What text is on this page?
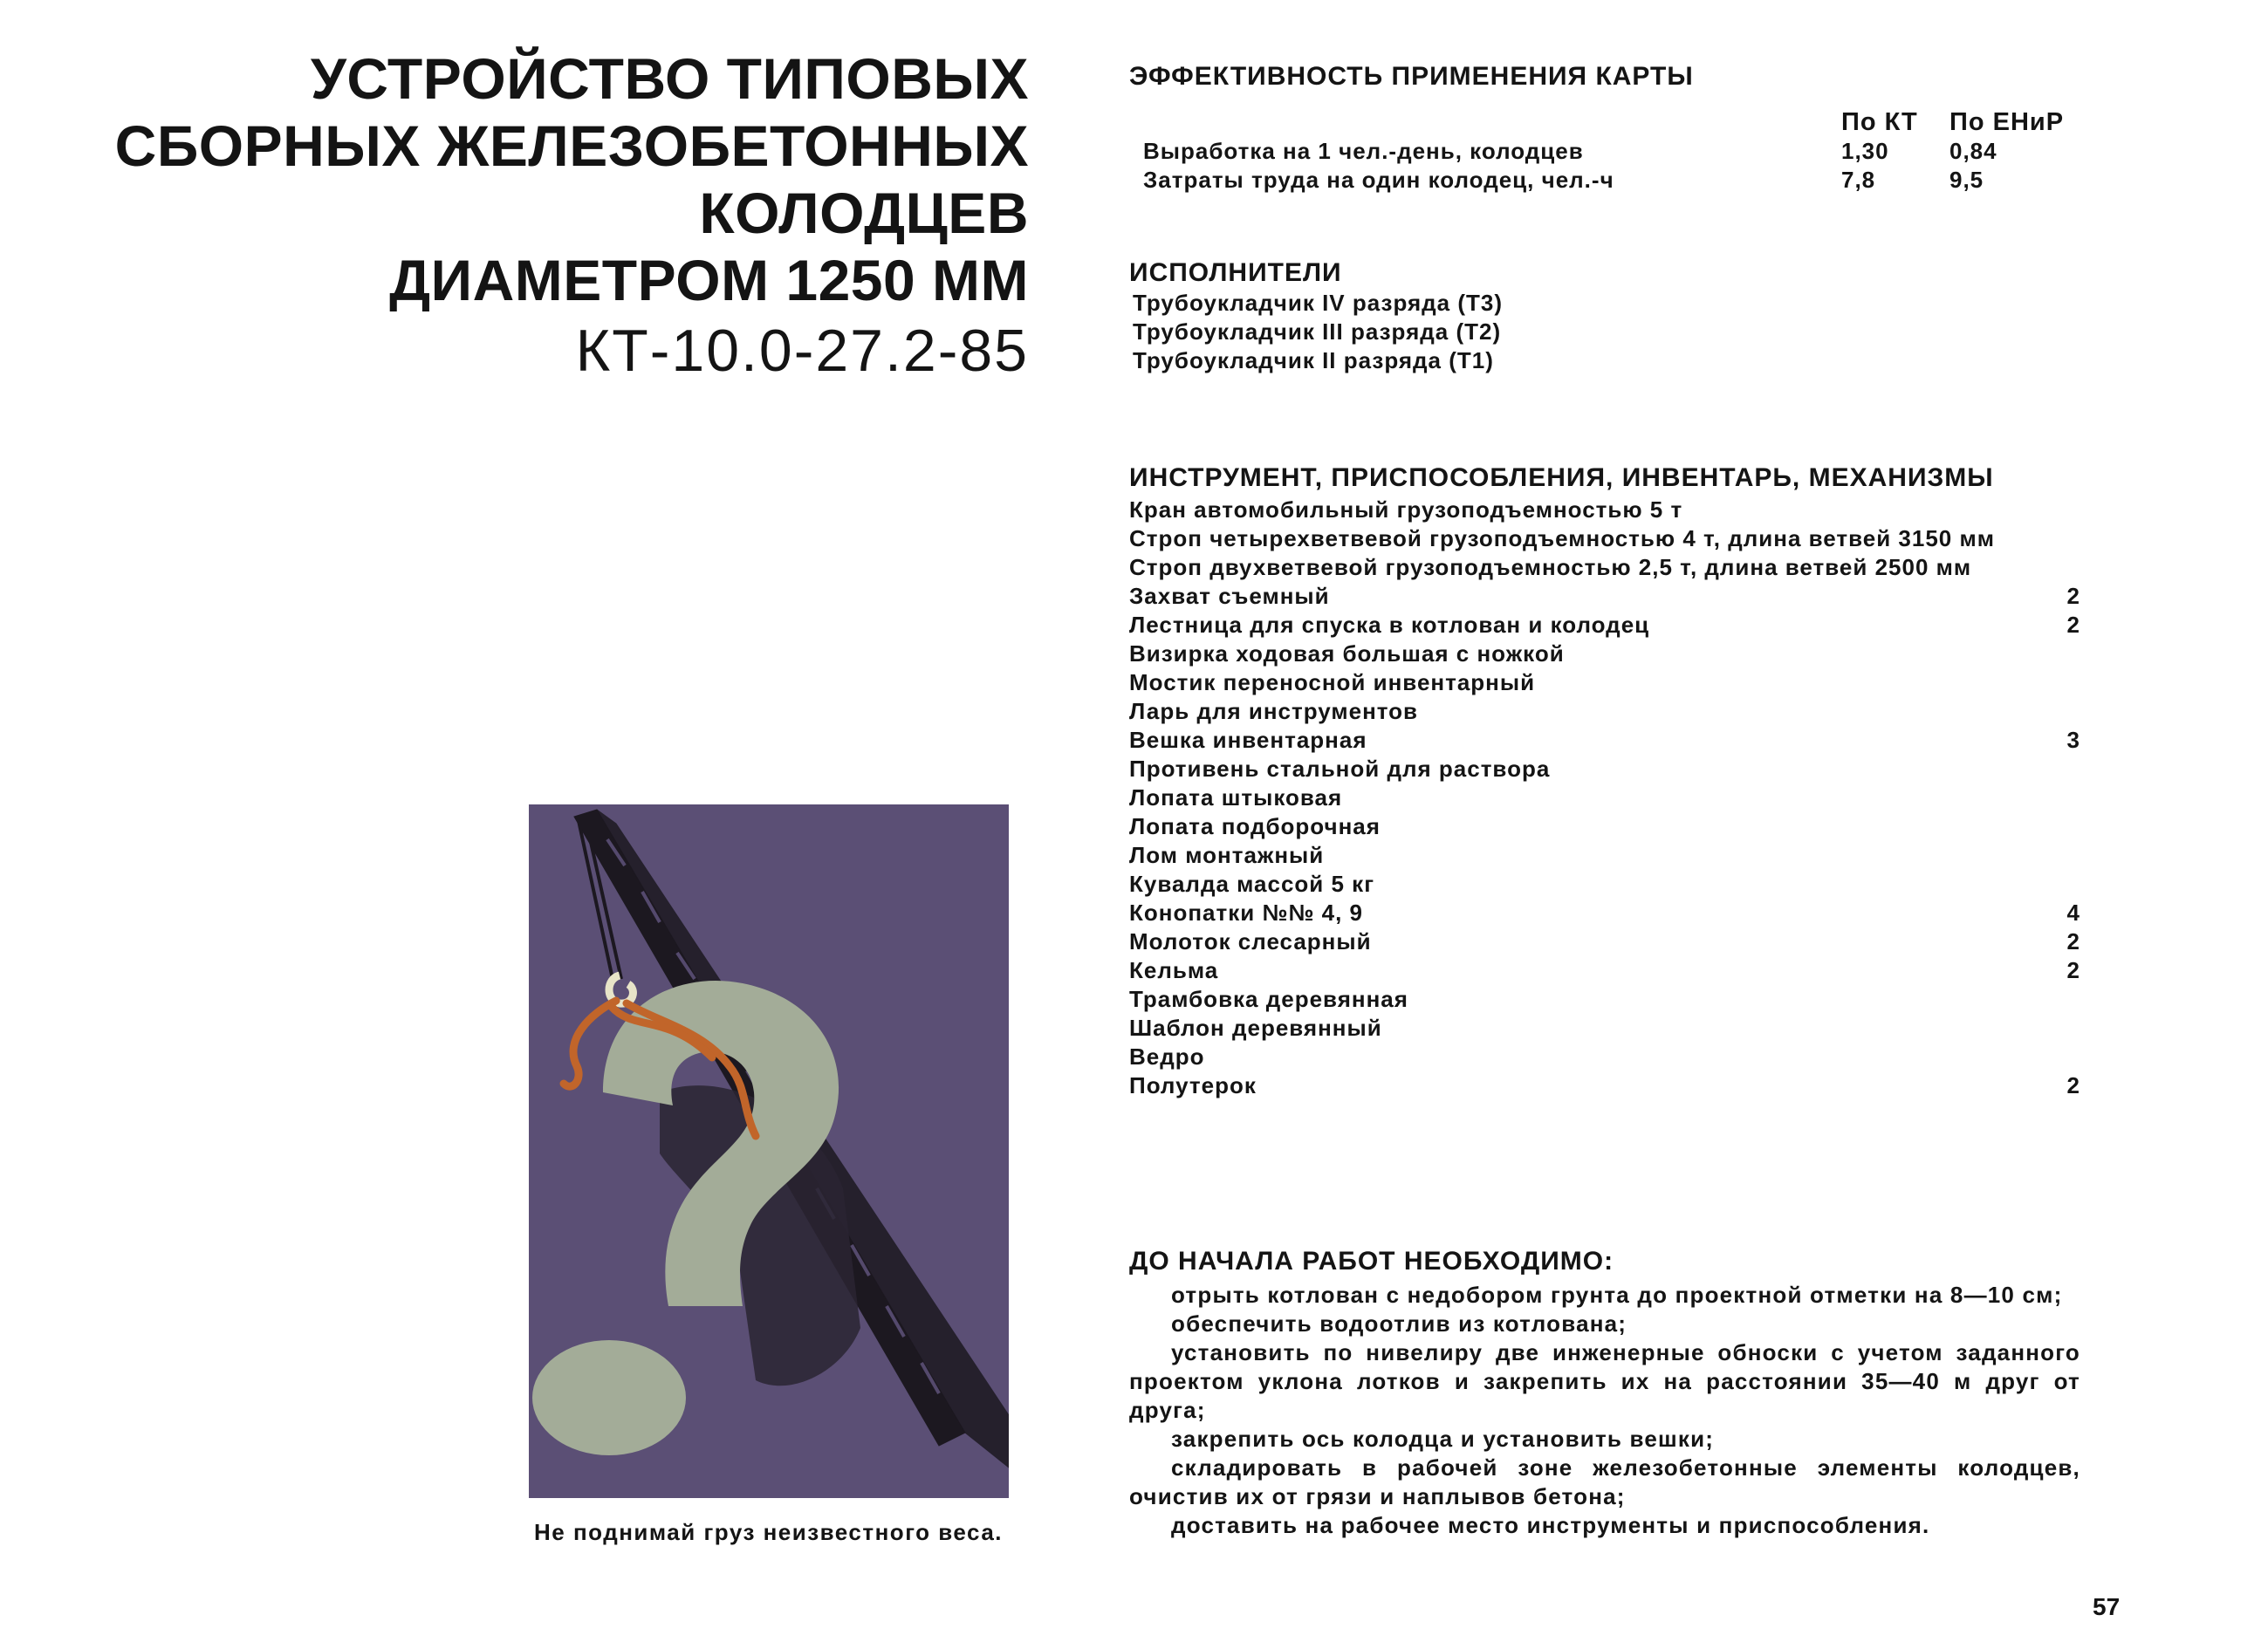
УСТРОЙСТВО ТИПОВЫХ
СБОРНЫХ ЖЕЛЕЗОБЕТОННЫХ
КОЛОДЦЕВ
ДИАМЕТРОМ 1250 ММ
КТ-10.0-27.2-85
Не поднимай груз неизвестного веса.
ЭФФЕКТИВНОСТЬ ПРИМЕНЕНИЯ КАРТЫ
По КТ По ЕНиР
Выработка на 1 чел.-день, колодцев	1,30	0,84
Затраты труда на один колодец, чел.-ч	7,8	9,5
ИСПОЛНИТЕЛИ
Трубоукладчик IV разряда (Т3)
Трубоукладчик III разряда (Т2)
Трубоукладчик II разряда (Т1)
ИНСТРУМЕНТ, ПРИСПОСОБЛЕНИЯ, ИНВЕНТАРЬ, МЕХАНИЗМЫ
Кран автомобильный грузоподъемностью 5 т
Строп четырехветвевой грузоподъемностью 4 т, длина ветвей 3150 мм
Строп двухветвевой грузоподъемностью 2,5 т, длина ветвей 2500 мм
Захват съемный	2
Лестница для спуска в котлован и колодец	2
Визирка ходовая большая с ножкой
Мостик переносной инвентарный
Ларь для инструментов
Вешка инвентарная	3
Противень стальной для раствора
Лопата штыковая
Лопата подборочная
Лом монтажный
Кувалда массой 5 кг
Конопатки №№ 4, 9	4
Молоток слесарный	2
Кельма	2
Трамбовка деревянная
Шаблон деревянный
Ведро
Полутерок	2
ДО НАЧАЛА РАБОТ НЕОБХОДИМО:
отрыть котлован с недобором грунта до проектной отметки на 8—10 см;
обеспечить водоотлив из котлована;
установить по нивелиру две инженерные обноски с учетом заданного проектом уклона лотков и закрепить их на расстоянии 35—40 м друг от друга;
закрепить ось колодца и установить вешки;
складировать в рабочей зоне железобетонные элементы колодцев, очистив их от грязи и наплывов бетона;
доставить на рабочее место инструменты и приспособления.
57
